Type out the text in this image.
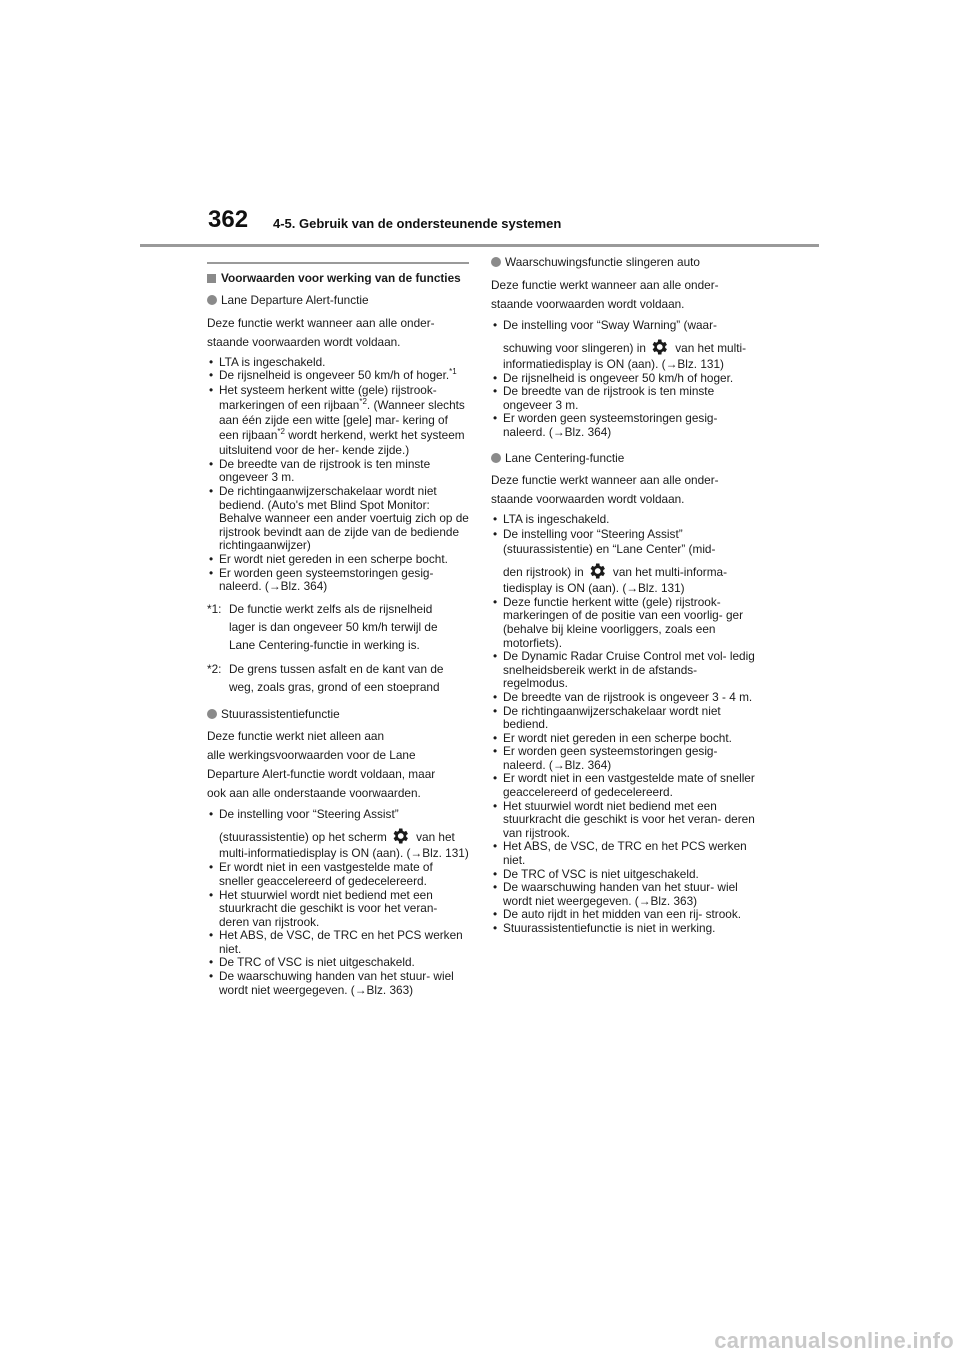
362 4-5. Gebruik van de ondersteunende systemen
Voorwaarden voor werking van de functies
Lane Departure Alert-functie

Deze functie werkt wanneer aan alle onder-
staande voorwaarden wordt voldaan.

• LTA is ingeschakeld.

• De rijsnelheid is ongeveer 50 km/h of hoger.$^{*1}$

• Het systeem herkent witte (gele) rijstrook- markeringen of een rijbaan$^{*2}$. (Wanneer slechts aan één zijde een witte [gele] mar- kering of een rijbaan$^{*2}$ wordt herkend, werkt het systeem uitsluitend voor de her- kende zijde.)

• De breedte van de rijstrook is ten minste ongeveer 3 m.

• De richtingaanwijzerschakelaar wordt niet bediend. (Auto's met Blind Spot Monitor: Behalve wanneer een ander voertuig zich op de rijstrook bevindt aan de zijde van de bediende richtingaanwijzer)

• Er wordt niet gereden in een scherpe bocht.

• Er worden geen systeemstoringen gesig- naleerd. (→Blz. 364)

*1: De functie werkt zelfs als de rijsnelheid
lager is dan ongeveer 50 km/h terwijl de
Lane Centering-functie in werking is.
*2: De grens tussen asfalt en de kant van de
weg, zoals gras, grond of een stoeprand
Stuurassistentiefunctie

Deze functie werkt niet alleen aan
alle werkingsvoorwaarden voor de Lane
Departure Alert-functie wordt voldaan, maar
ook aan alle onderstaande voorwaarden.

• De instelling voor “Steering Assist”
(stuurassistentie) op het scherm van het multi-informatiedisplay is ON (aan). (→Blz. 131)

• Er wordt niet in een vastgestelde mate of sneller geaccelereerd of gedecelereerd.

• Het stuurwiel wordt niet bediend met een stuurkracht die geschikt is voor het veran- deren van rijstrook.

• Het ABS, de VSC, de TRC en het PCS werken niet.

• De TRC of VSC is niet uitgeschakeld.

• De waarschuwing handen van het stuur- wiel wordt niet weergegeven. (→Blz. 363)

Waarschuwingsfunctie slingeren auto

Deze functie werkt wanneer aan alle onder-
staande voorwaarden wordt voldaan.

• De instelling voor “Sway Warning” (waar-
schuwing voor slingeren) in van het multi-informatiedisplay is ON (aan). (→Blz. 131)

• De rijsnelheid is ongeveer 50 km/h of hoger.

• De breedte van de rijstrook is ten minste ongeveer 3 m.

• Er worden geen systeemstoringen gesig- naleerd. (→Blz. 364)

Lane Centering-functie

Deze functie werkt wanneer aan alle onder-
staande voorwaarden wordt voldaan.

• LTA is ingeschakeld.

• De instelling voor “Steering Assist” (stuurassistentie) en “Lane Center” (mid-
den rijstrook) in van het multi-informa- tiedisplay is ON (aan). (→Blz. 131)

• Deze functie herkent witte (gele) rijstrook- markeringen of de positie van een voorlig- ger (behalve bij kleine voorliggers, zoals een motorfiets).

• De Dynamic Radar Cruise Control met vol- ledig snelheidsbereik werkt in de afstands- regelmodus.

• De breedte van de rijstrook is ongeveer 3 - 4 m.

• De richtingaanwijzerschakelaar wordt niet bediend.

• Er wordt niet gereden in een scherpe bocht.

• Er worden geen systeemstoringen gesig- naleerd. (→Blz. 364)

• Er wordt niet in een vastgestelde mate of sneller geaccelereerd of gedecelereerd.

• Het stuurwiel wordt niet bediend met een stuurkracht die geschikt is voor het veran- deren van rijstrook.

• Het ABS, de VSC, de TRC en het PCS werken niet.

• De TRC of VSC is niet uitgeschakeld.

• De waarschuwing handen van het stuur- wiel wordt niet weergegeven. (→Blz. 363)

• De auto rijdt in het midden van een rij- strook.

• Stuurassistentiefunctie is niet in werking.

carmanualsonline.info
